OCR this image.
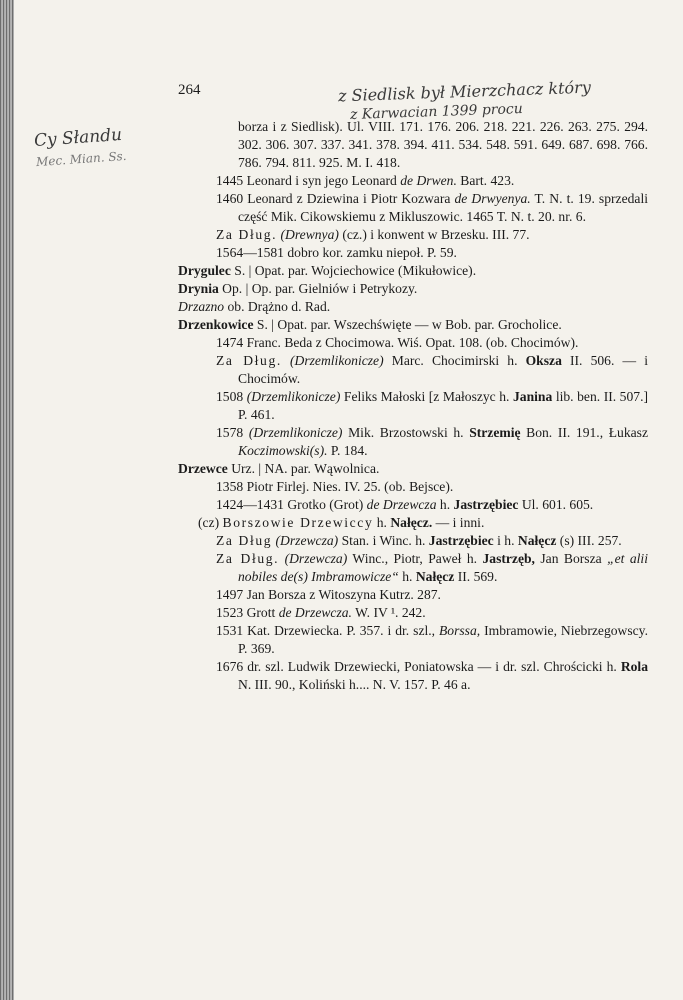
264	z Siedlisk był Mierzchacz który
z Karwacian 1399 procu
Cy Słandu
Mec. Mian. Ss.

borza i z Siedlisk). Ul. VIII. 171. 176. 206. 218. 221. 226. 263. 275. 294. 302. 306. 307. 337. 341. 378. 394. 411. 534. 548. 591. 649. 687. 698. 766. 786. 794. 811. 925. M. I. 418.

1445 Leonard i syn jego Leonard de Drwen. Bart. 423.

1460 Leonard z Dziewina i Piotr Kozwara de Drwyenya. T. N. t. 19. sprzedali część Mik. Cikowskiemu z Mikluszowic. 1465 T. N. t. 20. nr. 6.

Za Dług. (Drewnya) (cz.) i konwent w Brzesku. III. 77.

1564—1581 dobro kor. zamku niepoł. P. 59.

Drygulec S. | Opat. par. Wojciechowice (Mikułowice).

Drynia Op. | Op. par. Gielniów i Petrykozy.

Drzazno ob. Drążno d. Rad.

Drzenkowice S. | Opat. par. Wszechświęte — w Bob. par. Grocholice.

1474 Franc. Beda z Chocimowa. Wiś. Opat. 108. (ob. Chocimów).

Za Dług. (Drzemlikonicze) Marc. Chocimirski h. Oksza II. 506. — i Chocimów.

1508 (Drzemlikonicze) Feliks Małoski [z Małoszyc h. Janina lib. ben. II. 507.] P. 461.

1578 (Drzemlikonicze) Mik. Brzostowski h. Strzemię Bon. II. 191., Łukasz Koczimowski(s). P. 184.

Drzewce Urz. | NA. par. Wąwolnica.

1358 Piotr Firlej. Nies. IV. 25. (ob. Bejsce).

1424—1431 Grotko (Grot) de Drzewcza h. Jastrzębiec Ul. 601. 605.

(cz) Borszowie Drzewiccy h. Nałęcz. — i inni.

Za Dług (Drzewcza) Stan. i Winc. h. Jastrzębiec i h. Nałęcz (s) III. 257.

Za Dług. (Drzewcza) Winc., Piotr, Paweł h. Jastrzęb, Jan Borsza „et alii nobiles de(s) Imbramowicze“ h. Nałęcz II. 569.

1497 Jan Borsza z Witoszyna Kutrz. 287.

1523 Grott de Drzewcza. W. IV ¹. 242.

1531 Kat. Drzewiecka. P. 357. i dr. szl., Borssa, Imbramowie, Niebrzegowscy. P. 369.

1676 dr. szl. Ludwik Drzewiecki, Poniatowska — i dr. szl. Chrościcki h. Rola N. III. 90., Koliński h.... N. V. 157. P. 46 a.
